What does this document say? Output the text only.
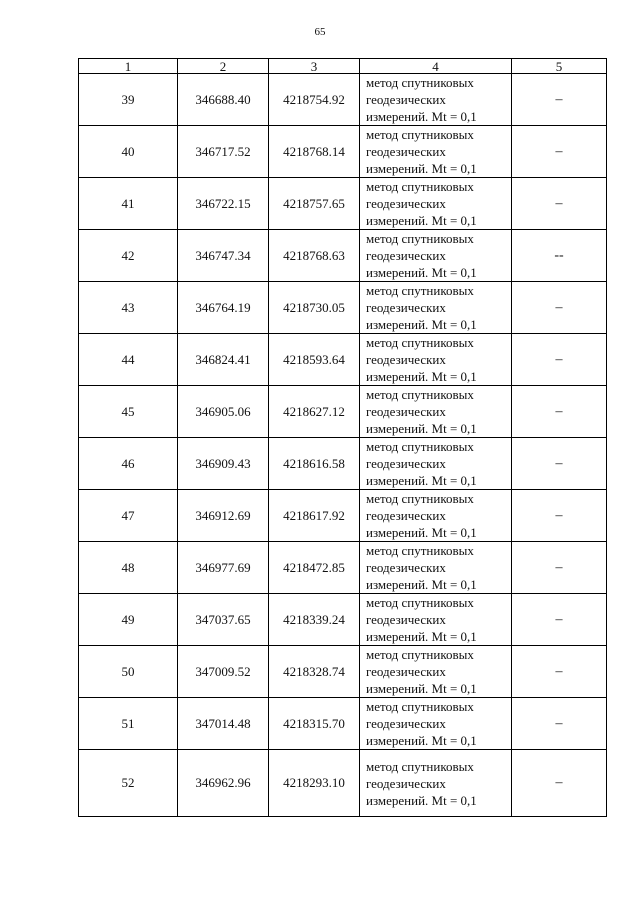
65
1	2	3	4	5
39	346688.40	4218754.92	метод спутниковых
геодезических
измерений. Mt = 0,1	–
40	346717.52	4218768.14	метод спутниковых
геодезических
измерений. Mt = 0,1	–
41	346722.15	4218757.65	метод спутниковых
геодезических
измерений. Mt = 0,1	–
42	346747.34	4218768.63	метод спутниковых
геодезических
измерений. Mt = 0,1	--
43	346764.19	4218730.05	метод спутниковых
геодезических
измерений. Mt = 0,1	–
44	346824.41	4218593.64	метод спутниковых
геодезических
измерений. Mt = 0,1	–
45	346905.06	4218627.12	метод спутниковых
геодезических
измерений. Mt = 0,1	–
46	346909.43	4218616.58	метод спутниковых
геодезических
измерений. Mt = 0,1	–
47	346912.69	4218617.92	метод спутниковых
геодезических
измерений. Mt = 0,1	–
48	346977.69	4218472.85	метод спутниковых
геодезических
измерений. Mt = 0,1	–
49	347037.65	4218339.24	метод спутниковых
геодезических
измерений. Mt = 0,1	–
50	347009.52	4218328.74	метод спутниковых
геодезических
измерений. Mt = 0,1	–
51	347014.48	4218315.70	метод спутниковых
геодезических
измерений. Mt = 0,1	–
52	346962.96	4218293.10	метод спутниковых
геодезических
измерений. Mt = 0,1	–
